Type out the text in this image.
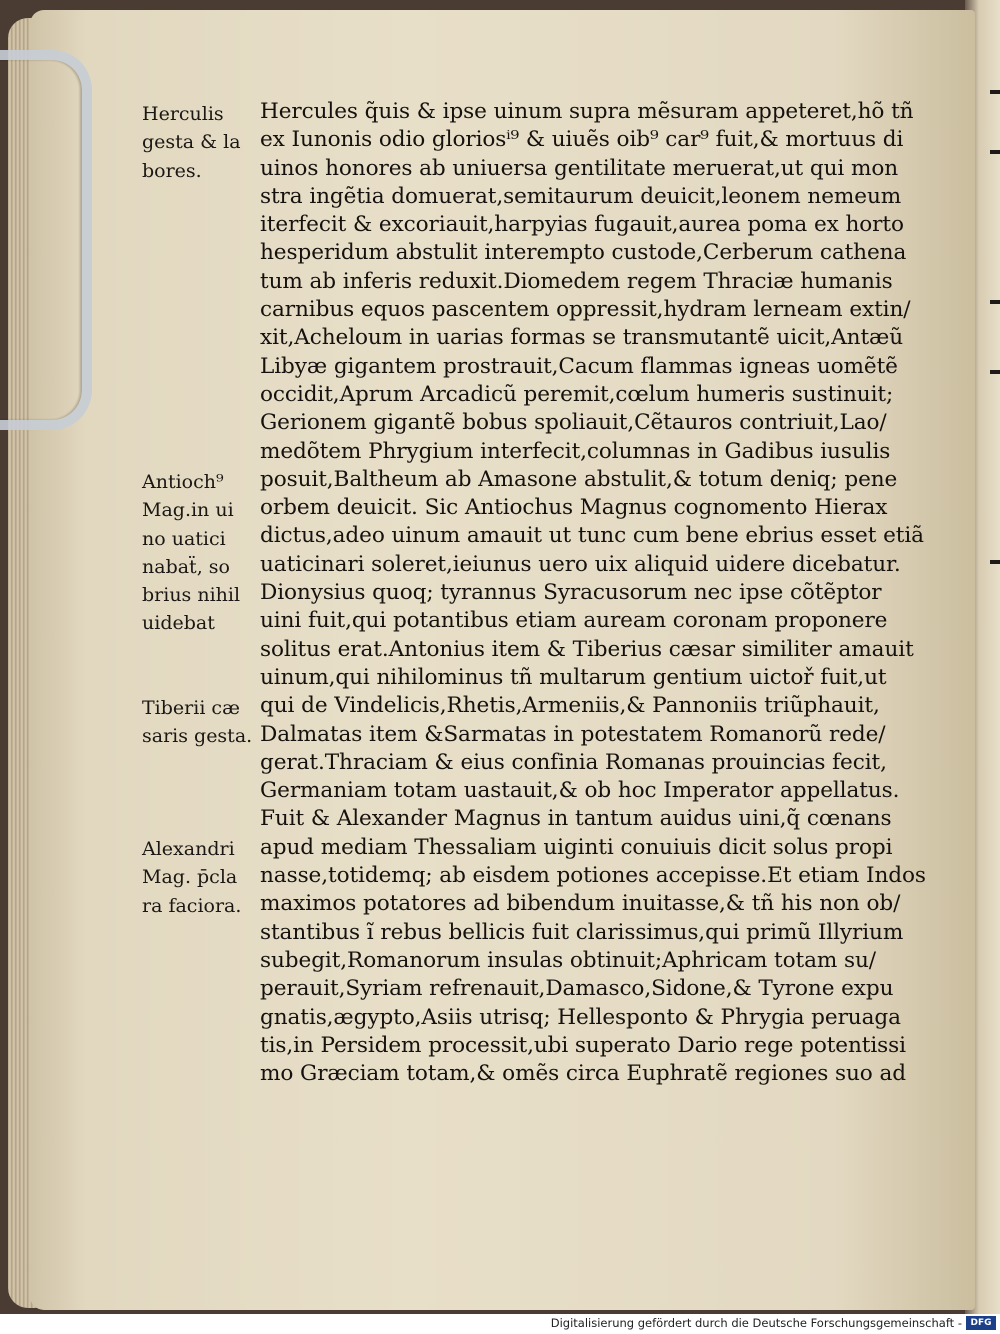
Herculis
gesta & la
bores.
Antioch⁹
Mag.in ui
no uatici
nabaẗ, so
brius nihil
uidebat
Tiberii cæ
saris gesta.
Alexandri
Mag. p̄cla
ra faciora.
Hercules q̃uis & ipse uinum supra mẽsuram appeteret,hõ tñ
ex Iunonis odio gloriosⁱ⁹ & uiuẽs oib⁹ car⁹ fuit,& mortuus di
uinos honores ab uniuersa gentilitate meruerat,ut qui mon
stra ingẽtia domuerat,semitaurum deuicit,leonem nemeum
iterfecit & excoriauit,harpyias fugauit,aurea poma ex horto
hesperidum abstulit interempto custode,Cerberum cathena
tum ab inferis reduxit.Diomedem regem Thraciæ humanis
carnibus equos pascentem oppressit,hydram lerneam extin/
xit,Acheloum in uarias formas se transmutantẽ uicit,Antæũ
Libyæ gigantem prostrauit,Cacum flammas igneas uomẽtẽ
occidit,Aprum Arcadicũ peremit,cœlum humeris sustinuit;
Gerionem gigantẽ bobus spoliauit,Cẽtauros contriuit,Lao/
medõtem Phrygium interfecit,columnas in Gadibus iusulis
posuit,Baltheum ab Amasone abstulit,& totum deniq; pene
orbem deuicit. Sic Antiochus Magnus cognomento Hierax
dictus,adeo uinum amauit ut tunc cum bene ebrius esset etiã
uaticinari soleret,ieiunus uero uix aliquid uidere dicebatur.
Dionysius quoq; tyrannus Syracusorum nec ipse cõtẽptor
uini fuit,qui potantibus etiam auream coronam proponere
solitus erat.Antonius item & Tiberius cæsar similiter amauit
uinum,qui nihilominus tñ multarum gentium uictoř fuit,ut
qui de Vindelicis,Rhetis,Armeniis,& Pannoniis triũphauit,
Dalmatas item &Sarmatas in potestatem Romanorũ rede/
gerat.Thraciam & eius confinia Romanas prouincias fecit,
Germaniam totam uastauit,& ob hoc Imperator appellatus.
Fuit & Alexander Magnus in tantum auidus uini,q̃ cœnans
apud mediam Thessaliam uiginti conuiuis dicit solus propi
nasse,totidemq; ab eisdem potiones accepisse.Et etiam Indos
maximos potatores ad bibendum inuitasse,& tñ his non ob/
stantibus ĩ rebus bellicis fuit clarissimus,qui primũ Illyrium
subegit,Romanorum insulas obtinuit;Aphricam totam su/
perauit,Syriam refrenauit,Damasco,Sidone,& Tyrone expu
gnatis,ægypto,Asiis utrisq; Hellesponto & Phrygia peruaga
tis,in Persidem processit,ubi superato Dario rege potentissi
mo Græciam totam,& omẽs circa Euphratẽ regiones suo ad
Digitalisierung gefördert durch die Deutsche Forschungsgemeinschaft - DFG
